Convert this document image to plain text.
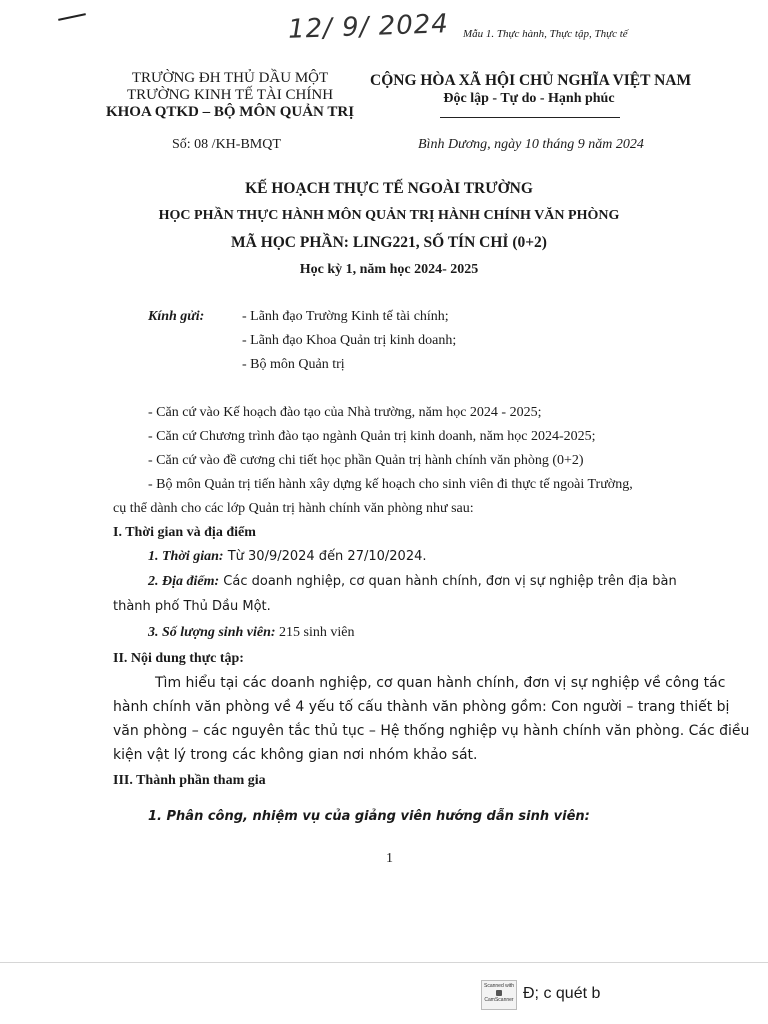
12/ 9/ 2024 Mẫu 1. Thực hành, Thực tập, Thực tế
TRƯỜNG ĐH THỦ DẦU MỘT
TRƯỜNG KINH TẾ TÀI CHÍNH
KHOA QTKD – BỘ MÔN QUẢN TRỊ
CỘNG HÒA XÃ HỘI CHỦ NGHĨA VIỆT NAM
Độc lập - Tự do - Hạnh phúc
Số: 08 /KH-BMQT	Bình Dương, ngày 10 tháng 9 năm 2024
KẾ HOẠCH THỰC TẾ NGOÀI TRƯỜNG
HỌC PHẦN THỰC HÀNH MÔN QUẢN TRỊ HÀNH CHÍNH VĂN PHÒNG
MÃ HỌC PHẦN: LING221, SỐ TÍN CHỈ (0+2)
Học kỳ 1, năm học 2024- 2025
Kính gửi:	- Lãnh đạo Trường Kinh tế tài chính;
- Lãnh đạo Khoa Quản trị kinh doanh;
- Bộ môn Quản trị
- Căn cứ vào Kế hoạch đào tạo của Nhà trường, năm học 2024 - 2025;
- Căn cứ Chương trình đào tạo ngành Quản trị kinh doanh, năm học 2024-2025;
- Căn cứ vào đề cương chi tiết học phần Quản trị hành chính văn phòng (0+2)
- Bộ môn Quản trị tiến hành xây dựng kế hoạch cho sinh viên đi thực tế ngoài Trường,
cụ thể dành cho các lớp Quản trị hành chính văn phòng như sau:
I. Thời gian và địa điểm
1. Thời gian: Từ 30/9/2024 đến 27/10/2024.
2. Địa điểm: Các doanh nghiệp, cơ quan hành chính, đơn vị sự nghiệp trên địa bàn
thành phố Thủ Dầu Một.
3. Số lượng sinh viên: 215 sinh viên
II. Nội dung thực tập:
Tìm hiểu tại các doanh nghiệp, cơ quan hành chính, đơn vị sự nghiệp về công tác
hành chính văn phòng về 4 yếu tố cấu thành văn phòng gồm: Con người – trang thiết bị
văn phòng – các nguyên tắc thủ tục – Hệ thống nghiệp vụ hành chính văn phòng. Các điều
kiện vật lý trong các không gian nơi nhóm khảo sát.
III. Thành phần tham gia
1. Phân công, nhiệm vụ của giảng viên hướng dẫn sinh viên:
1
Scanned with
CamScanner Đ; c quét b
